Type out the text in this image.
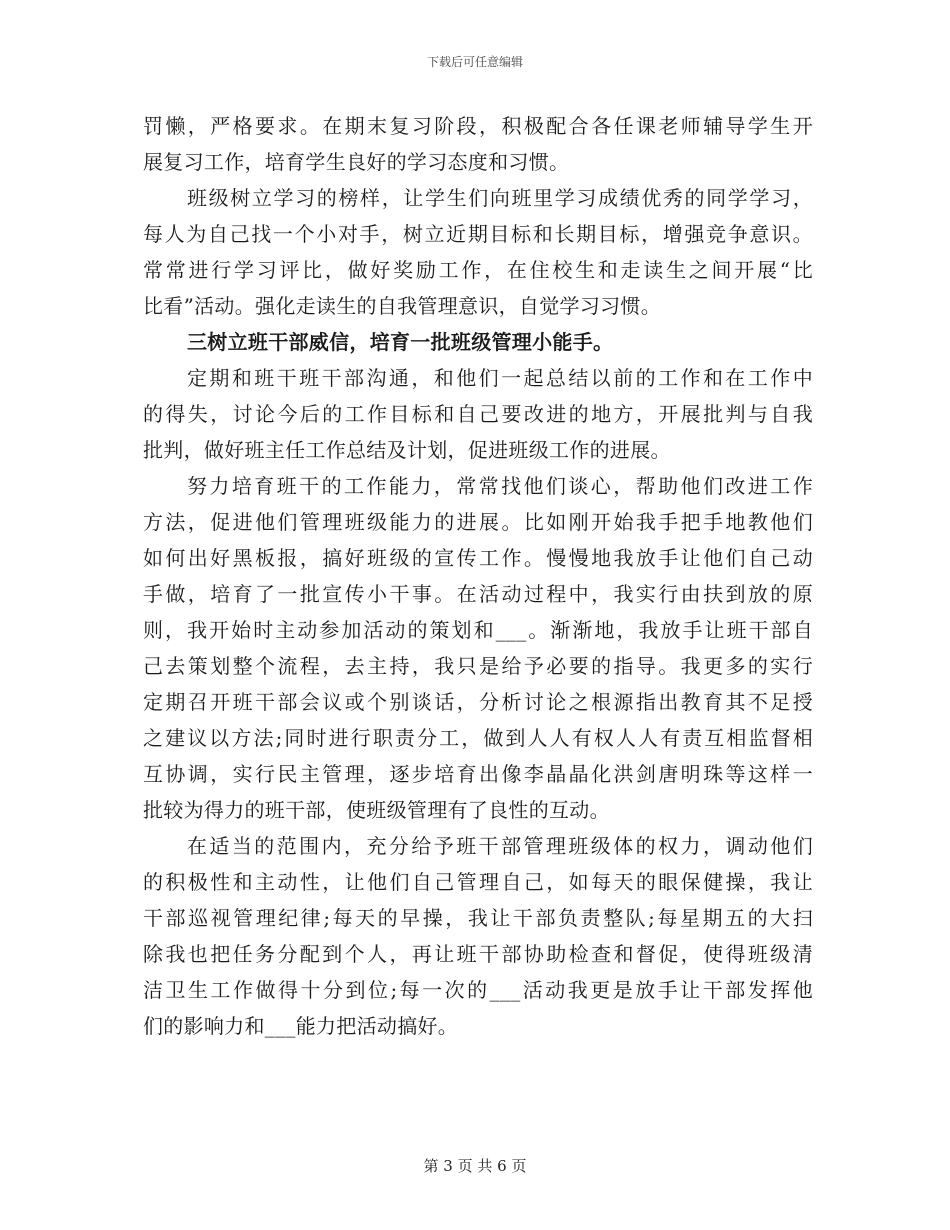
下载后可任意编辑
罚懒，严格要求。在期末复习阶段，积极配合各任课老师辅导学生开
展复习工作，培育学生良好的学习态度和习惯。
班级树立学习的榜样，让学生们向班里学习成绩优秀的同学学习，
每人为自己找一个小对手，树立近期目标和长期目标，增强竞争意识。
常常进行学习评比，做好奖励工作，在住校生和走读生之间开展“比
比看”活动。强化走读生的自我管理意识，自觉学习习惯。
三树立班干部威信，培育一批班级管理小能手。
定期和班干班干部沟通，和他们一起总结以前的工作和在工作中
的得失，讨论今后的工作目标和自己要改进的地方，开展批判与自我
批判，做好班主任工作总结及计划，促进班级工作的进展。
努力培育班干的工作能力，常常找他们谈心，帮助他们改进工作
方法，促进他们管理班级能力的进展。比如刚开始我手把手地教他们
如何出好黑板报，搞好班级的宣传工作。慢慢地我放手让他们自己动
手做，培育了一批宣传小干事。在活动过程中，我实行由扶到放的原
则，我开始时主动参加活动的策划和___。渐渐地，我放手让班干部自
己去策划整个流程，去主持，我只是给予必要的指导。我更多的实行
定期召开班干部会议或个别谈话，分析讨论之根源指出教育其不足授
之建议以方法;同时进行职责分工，做到人人有权人人有责互相监督相
互协调，实行民主管理，逐步培育出像李晶晶化洪剑唐明珠等这样一
批较为得力的班干部，使班级管理有了良性的互动。
在适当的范围内，充分给予班干部管理班级体的权力，调动他们
的积极性和主动性，让他们自己管理自己，如每天的眼保健操，我让
干部巡视管理纪律;每天的早操，我让干部负责整队;每星期五的大扫
除我也把任务分配到个人，再让班干部协助检查和督促，使得班级清
洁卫生工作做得十分到位;每一次的___活动我更是放手让干部发挥他
们的影响力和___能力把活动搞好。
第 3 页 共 6 页
